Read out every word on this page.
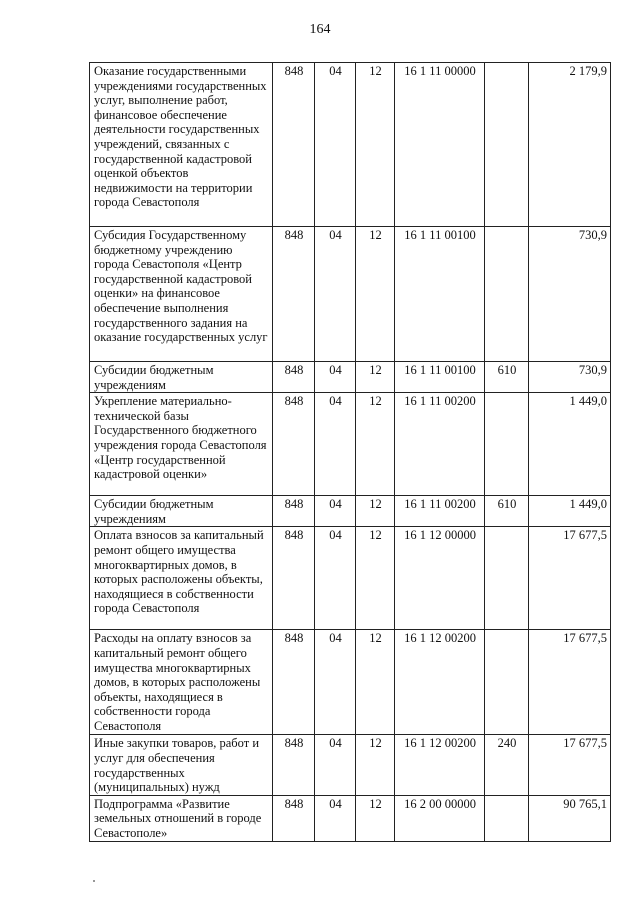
164
Оказание государственными учреждениями государственных услуг, выполнение работ, финансовое обеспечение деятельности государственных учреждений, связанных с государственной кадастровой оценкой объектов недвижимости на территории города Севастополя	848	04	12	16 1 11 00000		2 179,9
Субсидия Государственному бюджетному учреждению города Севастополя «Центр государственной кадастровой оценки» на финансовое обеспечение выполнения государственного задания на оказание государственных услуг	848	04	12	16 1 11 00100		730,9
Субсидии бюджетным учреждениям	848	04	12	16 1 11 00100	610	730,9
Укрепление материально-технической базы Государственного бюджетного учреждения города Севастополя «Центр государственной кадастровой оценки»	848	04	12	16 1 11 00200		1 449,0
Субсидии бюджетным учреждениям	848	04	12	16 1 11 00200	610	1 449,0
Оплата взносов за капитальный ремонт общего имущества многоквартирных домов, в которых расположены объекты, находящиеся в собственности города Севастополя	848	04	12	16 1 12 00000		17 677,5
Расходы на оплату взносов за капитальный ремонт общего имущества многоквартирных домов, в которых расположены объекты, находящиеся в собственности города Севастополя	848	04	12	16 1 12 00200		17 677,5
Иные закупки товаров, работ и услуг для обеспечения государственных (муниципальных) нужд	848	04	12	16 1 12 00200	240	17 677,5
Подпрограмма «Развитие земельных отношений в городе Севастополе»	848	04	12	16 2 00 00000		90 765,1
